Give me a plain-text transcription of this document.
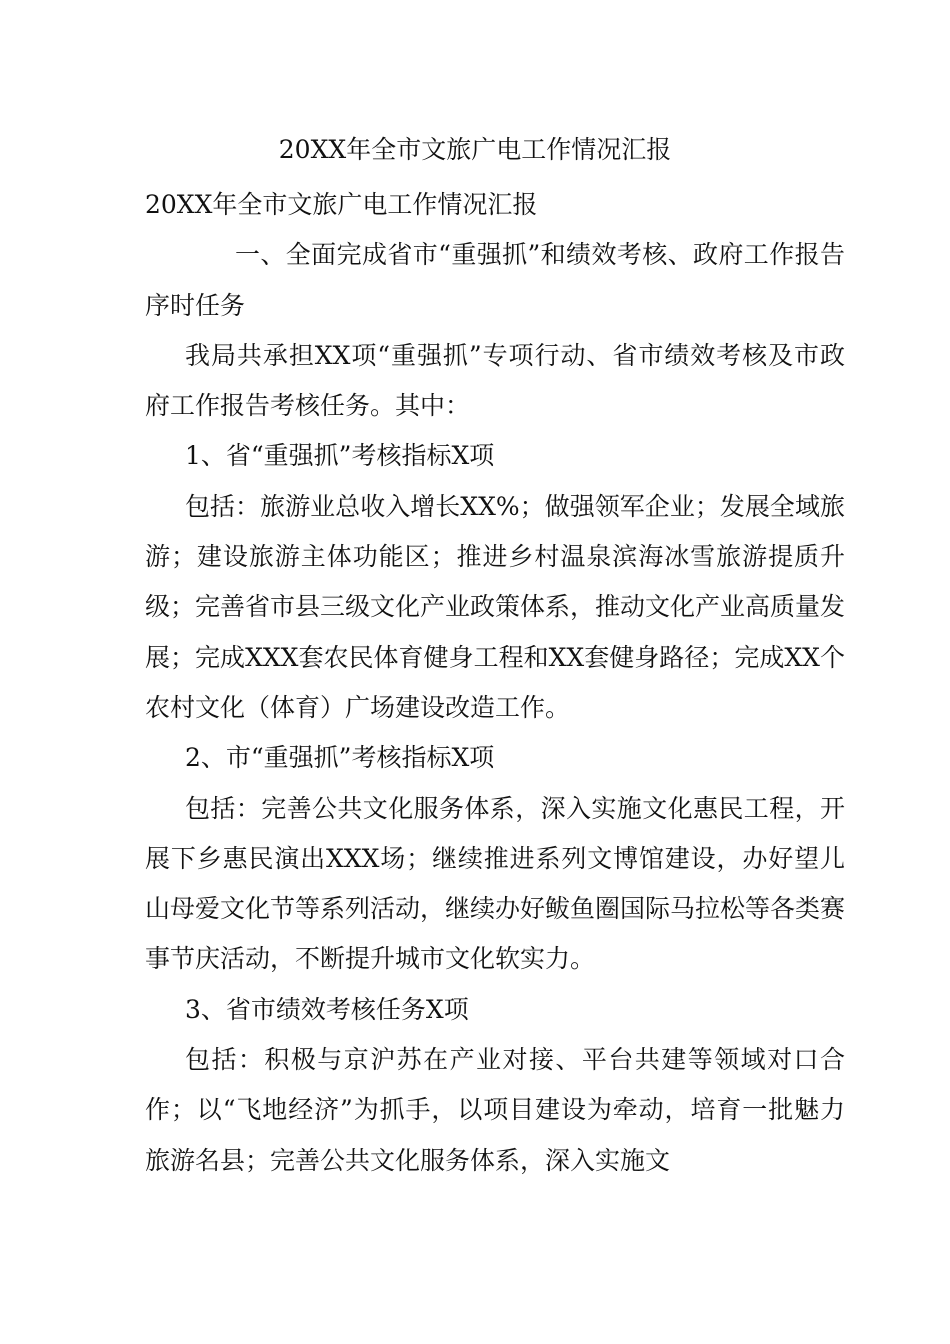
20XX年全市文旅广电工作情况汇报

20XX年全市文旅广电工作情况汇报

一、全面完成省市“重强抓”和绩效考核、政府工作报告序时任务

我局共承担XX项“重强抓”专项行动、省市绩效考核及市政府工作报告考核任务。其中：

1、省“重强抓”考核指标X项

包括：旅游业总收入增长XX%；做强领军企业；发展全域旅游；建设旅游主体功能区；推进乡村温泉滨海冰雪旅游提质升级；完善省市县三级文化产业政策体系，推动文化产业高质量发展；完成XXX套农民体育健身工程和XX套健身路径；完成XX个农村文化（体育）广场建设改造工作。

2、市“重强抓”考核指标X项

包括：完善公共文化服务体系，深入实施文化惠民工程，开展下乡惠民演出XXX场；继续推进系列文博馆建设，办好望儿山母爱文化节等系列活动，继续办好鲅鱼圈国际马拉松等各类赛事节庆活动，不断提升城市文化软实力。

3、省市绩效考核任务X项

包括：积极与京沪苏在产业对接、平台共建等领域对口合作；以“飞地经济”为抓手，以项目建设为牵动，培育一批魅力旅游名县；完善公共文化服务体系，深入实施文
